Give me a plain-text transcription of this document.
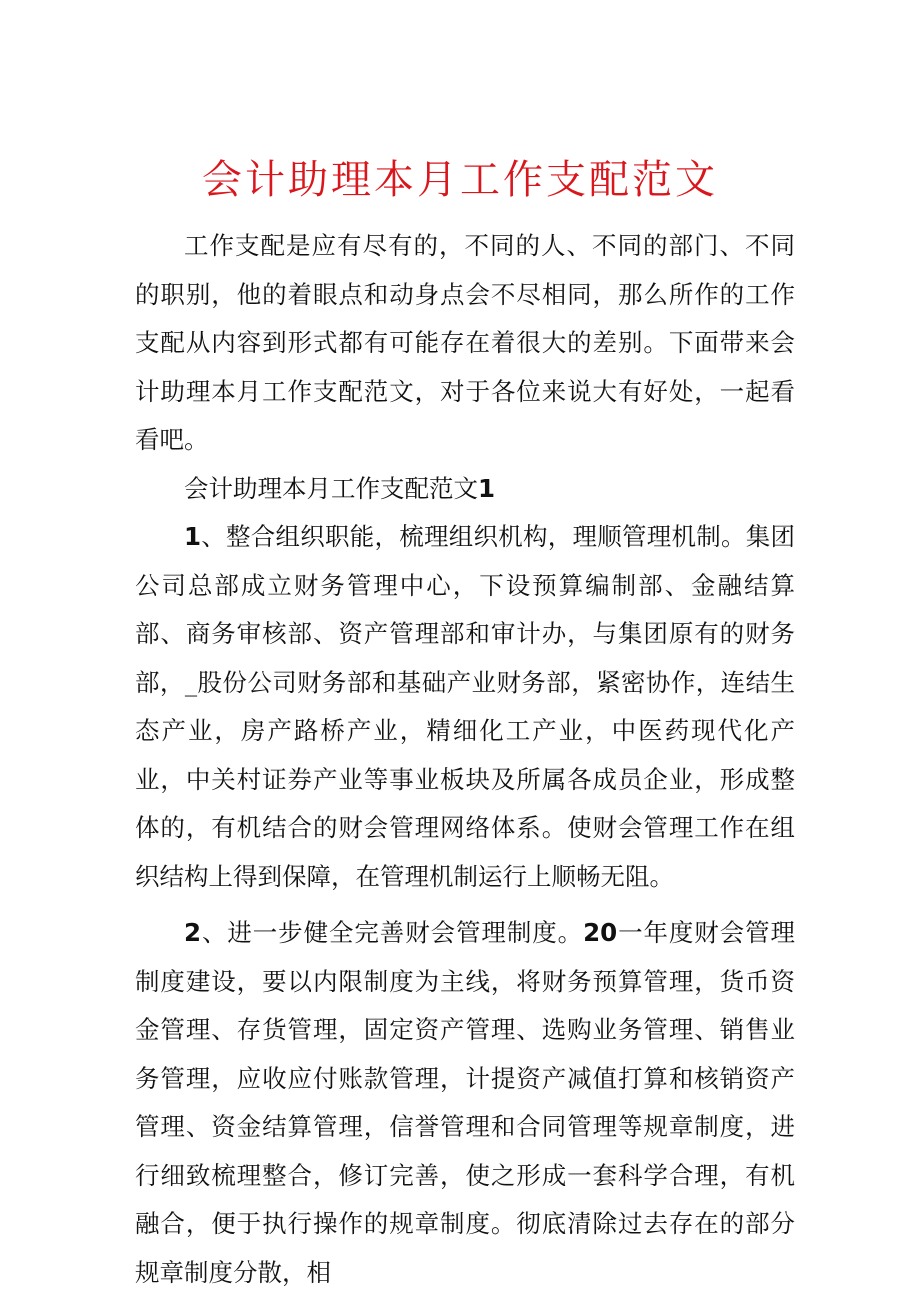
会计助理本月工作支配范文

工作支配是应有尽有的，不同的人、不同的部门、不同的职别，他的着眼点和动身点会不尽相同，那么所作的工作支配从内容到形式都有可能存在着很大的差别。下面带来会计助理本月工作支配范文，对于各位来说大有好处，一起看看吧。

会计助理本月工作支配范文1

1、整合组织职能，梳理组织机构，理顺管理机制。集团公司总部成立财务管理中心，下设预算编制部、金融结算部、商务审核部、资产管理部和审计办，与集团原有的财务部，_股份公司财务部和基础产业财务部，紧密协作，连结生态产业，房产路桥产业，精细化工产业，中医药现代化产业，中关村证券产业等事业板块及所属各成员企业，形成整体的，有机结合的财会管理网络体系。使财会管理工作在组织结构上得到保障，在管理机制运行上顺畅无阻。

2、进一步健全完善财会管理制度。20一年度财会管理制度建设，要以内限制度为主线，将财务预算管理，货币资金管理、存货管理，固定资产管理、选购业务管理、销售业务管理，应收应付账款管理，计提资产减值打算和核销资产管理、资金结算管理，信誉管理和合同管理等规章制度，进行细致梳理整合，修订完善，使之形成一套科学合理，有机融合，便于执行操作的规章制度。彻底清除过去存在的部分规章制度分散，相
